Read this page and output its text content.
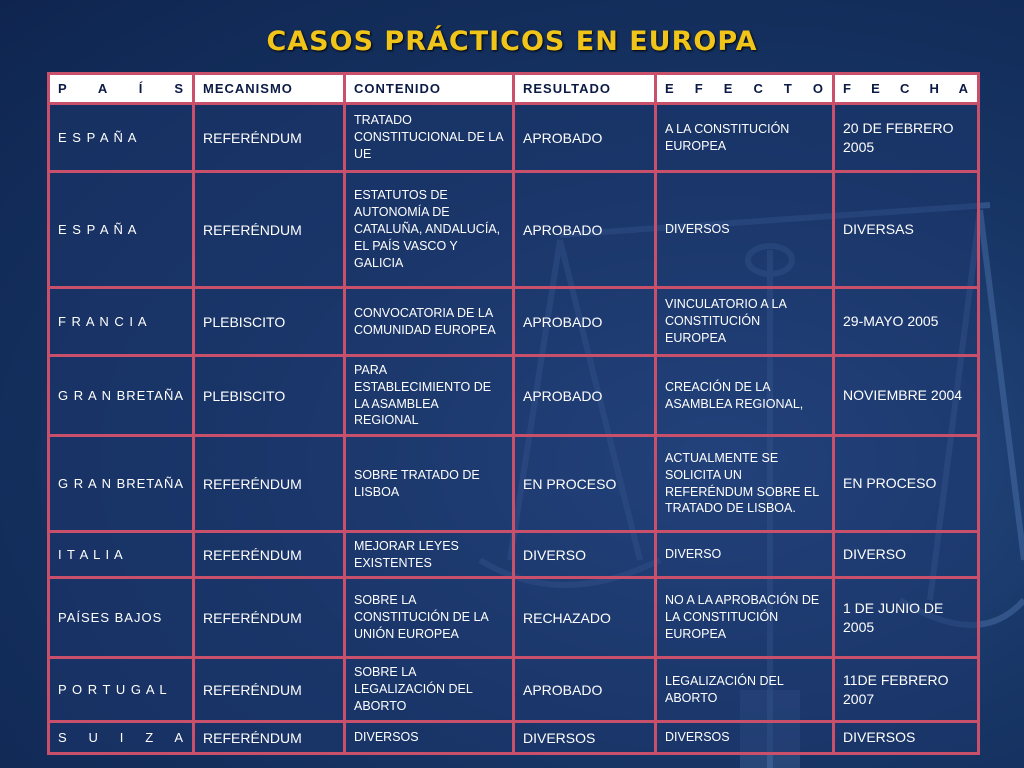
CASOS PRÁCTICOS EN EUROPA
P A Í S	MECANISMO	CONTENIDO	RESULTADO	E F E C T O	F E C H A
E S P A Ñ A	REFERÉNDUM	TRATADO CONSTITUCIONAL DE LA UE	APROBADO	A LA CONSTITUCIÓN EUROPEA	20 DE FEBRERO 2005
E S P A Ñ A	REFERÉNDUM	ESTATUTOS DE AUTONOMÍA DE CATALUÑA, ANDALUCÍA, EL PAÍS VASCO Y GALICIA	APROBADO	DIVERSOS	DIVERSAS
F R A N C I A	PLEBISCITO	CONVOCATORIA DE LA COMUNIDAD EUROPEA	APROBADO	VINCULATORIO A LA CONSTITUCIÓN EUROPEA	29-MAYO 2005
G R A N BRETAÑA	PLEBISCITO	PARA ESTABLECIMIENTO DE LA ASAMBLEA REGIONAL	APROBADO	CREACIÓN DE LA ASAMBLEA REGIONAL,	NOVIEMBRE 2004
G R A N BRETAÑA	REFERÉNDUM	SOBRE TRATADO DE LISBOA	EN PROCESO	ACTUALMENTE SE SOLICITA UN REFERÉNDUM SOBRE EL TRATADO DE LISBOA.	EN PROCESO
I T A L I A	REFERÉNDUM	MEJORAR LEYES EXISTENTES	DIVERSO	DIVERSO	DIVERSO
PAÍSES BAJOS	REFERÉNDUM	SOBRE LA CONSTITUCIÓN DE LA UNIÓN EUROPEA	RECHAZADO	NO A LA APROBACIÓN DE LA CONSTITUCIÓN EUROPEA	1 DE JUNIO DE 2005
P O R T U G A L	REFERÉNDUM	SOBRE LA LEGALIZACIÓN DEL ABORTO	APROBADO	LEGALIZACIÓN DEL ABORTO	11DE FEBRERO 2007
S U I Z A	REFERÉNDUM	DIVERSOS	DIVERSOS	DIVERSOS	DIVERSOS
